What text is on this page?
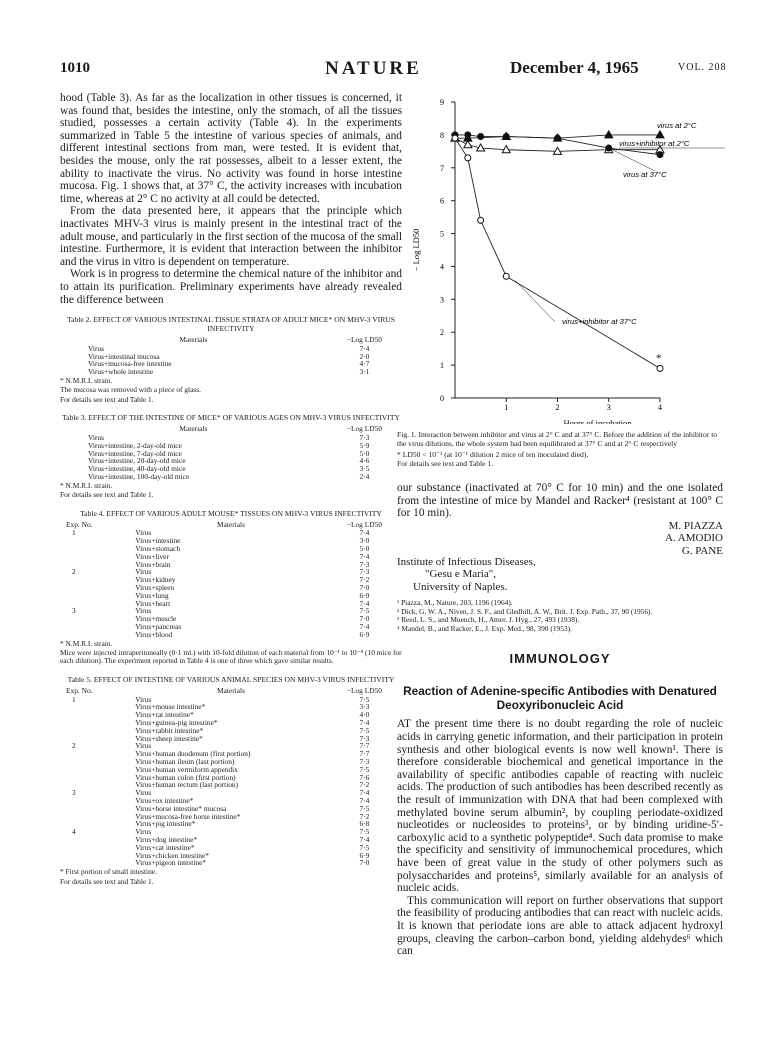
1010	NATURE	December 4, 1965	VOL. 208

hood (Table 3). As far as the localization in other tissues is concerned, it was found that, besides the intestine, only the stomach, of all the tissues studied, possesses a certain activity (Table 4). In the experiments summarized in Table 5 the intestine of various species of animals, and different intestinal sections from man, were tested. It is evident that, besides the mouse, only the rat possesses, albeit to a lesser extent, the ability to inactivate the virus. No activity was found in horse intestine mucosa. Fig. 1 shows that, at 37° C, the activity increases with incubation time, whereas at 2° C no activity at all could be detected.

From the data presented here, it appears that the principle which inactivates MHV-3 virus is mainly present in the intestinal tract of the adult mouse, and particularly in the first section of the mucosa of the small intestine. Furthermore, it is evident that interaction between the inhibitor and the virus in vitro is dependent on temperature.

Work is in progress to determine the chemical nature of the inhibitor and to attain its purification. Preliminary experiments have already revealed the difference between

Table 2. EFFECT OF VARIOUS INTESTINAL TISSUE STRATA OF ADULT MICE* ON MHV-3 VIRUS INFECTIVITY
Materials	−Log LD50
Virus	7·4
Virus+intestinal mucosa	2·0
Virus+mucosa-free intestine	4·7
Virus+whole intestine	3·1
* N.M.R.I. strain.
The mucosa was removed with a piece of glass.
For details see text and Table 1.
Table 3. EFFECT OF THE INTESTINE OF MICE* OF VARIOUS AGES ON MHV-3 VIRUS INFECTIVITY
Materials	−Log LD50
Virus	7·3
Virus+intestine, 2-day-old mice	5·9
Virus+intestine, 7-day-old mice	5·0
Virus+intestine, 20-day-old mice	4·6
Virus+intestine, 40-day-old mice	3·5
Virus+intestine, 100-day-old mice	2·4
* N.M.R.I. strain.
For details see text and Table 1.
Table 4. EFFECT OF VARIOUS ADULT MOUSE* TISSUES ON MHV-3 VIRUS INFECTIVITY
Exp. No.	Materials	−Log LD50
1	Virus	7·4
	Virus+intestine	3·0
	Virus+stomach	5·0
	Virus+liver	7·4
	Virus+brain	7·3
2	Virus	7·3
	Virus+kidney	7·2
	Virus+spleen	7·0
	Virus+lung	6·9
	Virus+heart	7·4
3	Virus	7·5
	Virus+muscle	7·0
	Virus+pancreas	7·4
	Virus+blood	6·9
* N.M.R.I. strain.
Mice were injected intraperitoneally (0·1 ml.) with 10-fold dilution of each material from 10⁻¹ to 10⁻⁸ (10 mice for each dilution). The experiment reported in Table 4 is one of three which gave similar results.
Table 5. EFFECT OF INTESTINE OF VARIOUS ANIMAL SPECIES ON MHV-3 VIRUS INFECTIVITY
Exp. No.	Materials	−Log LD50
1	Virus	7·5
	Virus+mouse intestine*	3·3
	Virus+rat intestine*	4·0
	Virus+guinea-pig intestine*	7·4
	Virus+rabbit intestine*	7·5
	Virus+sheep intestine*	7·3
2	Virus	7·7
	Virus+human duodenum (first portion)	7·7
	Virus+human ileum (last portion)	7·3
	Virus+human vermiform appendix	7·5
	Virus+human colon (first portion)	7·6
	Virus+human rectum (last portion)	7·2
3	Virus	7·4
	Virus+ox intestine*	7·4
	Virus+horse intestine* mucosa	7·5
	Virus+mucosa-free horse intestine*	7·2
	Virus+pig intestine*	6·8
4	Virus	7·5
	Virus+dog intestine*	7·4
	Virus+cat intestine*	7·5
	Virus+chicken intestine*	6·9
	Virus+pigeon intestine*	7·0
* First portion of small intestine.
For details see text and Table 1.
0
1
2
3
4
5
6
7
8
9
1	2	3	4
Hours of incubation
− Log LD50
*
virus at 2°C
virus+inhibitor at 2°C
virus at 37°C
virus+inhibitor at 37°C

Fig. 1. Interaction between inhibitor and virus at 2° C and at 37° C. Before the addition of the inhibitor to the virus dilutions, the whole system had been equilibrated at 37° C and at 2° C respectively

* LD50 < 10⁻¹ (at 10⁻¹ dilution 2 mice of ten inoculated died).

For details see text and Table 1.

our substance (inactivated at 70° C for 10 min) and the one isolated from the intestine of mice by Mandel and Racker⁴ (resistant at 100° C for 10 min).

M. PIAZZA
A. AMODIO
G. PANE
Institute of Infectious Diseases,
"Gesu e Maria",
University of Naples.
¹ Piazza, M., Nature, 203, 1196 (1964).
² Dick, G. W. A., Niven, J. S. F., and Gledhill, A. W., Brit. J. Exp. Path., 37, 90 (1956).
³ Reed, L. S., and Muench, H., Amer. J. Hyg., 27, 493 (1938).
⁴ Mandel, B., and Racker, E., J. Exp. Med., 98, 390 (1953).
IMMUNOLOGY
Reaction of Adenine-specific Antibodies with Denatured Deoxyribonucleic Acid

AT the present time there is no doubt regarding the role of nucleic acids in carrying genetic information, and their participation in protein synthesis and other biological events is now well known¹. There is therefore considerable biochemical and genetical importance in the availability of specific antibodies capable of reacting with nucleic acids. The production of such antibodies has been described recently as the result of immunization with DNA that had been complexed with methylated bovine serum albumin², by coupling periodate-oxidized nucleotides or nucleosides to proteins³, or by binding uridine-5′-carboxylic acid to a synthetic polypeptide⁴. Such data promise to make the specificity and sensitivity of immunochemical procedures, which have been of great value in the study of other polymers such as polysaccharides and proteins⁵, similarly available for an analysis of nucleic acids.

This communication will report on further observations that support the feasibility of producing antibodies that can react with nucleic acids. It is known that periodate ions are able to attack adjacent hydroxyl groups, cleaving the carbon–carbon bond, yielding aldehydes⁶ which can
